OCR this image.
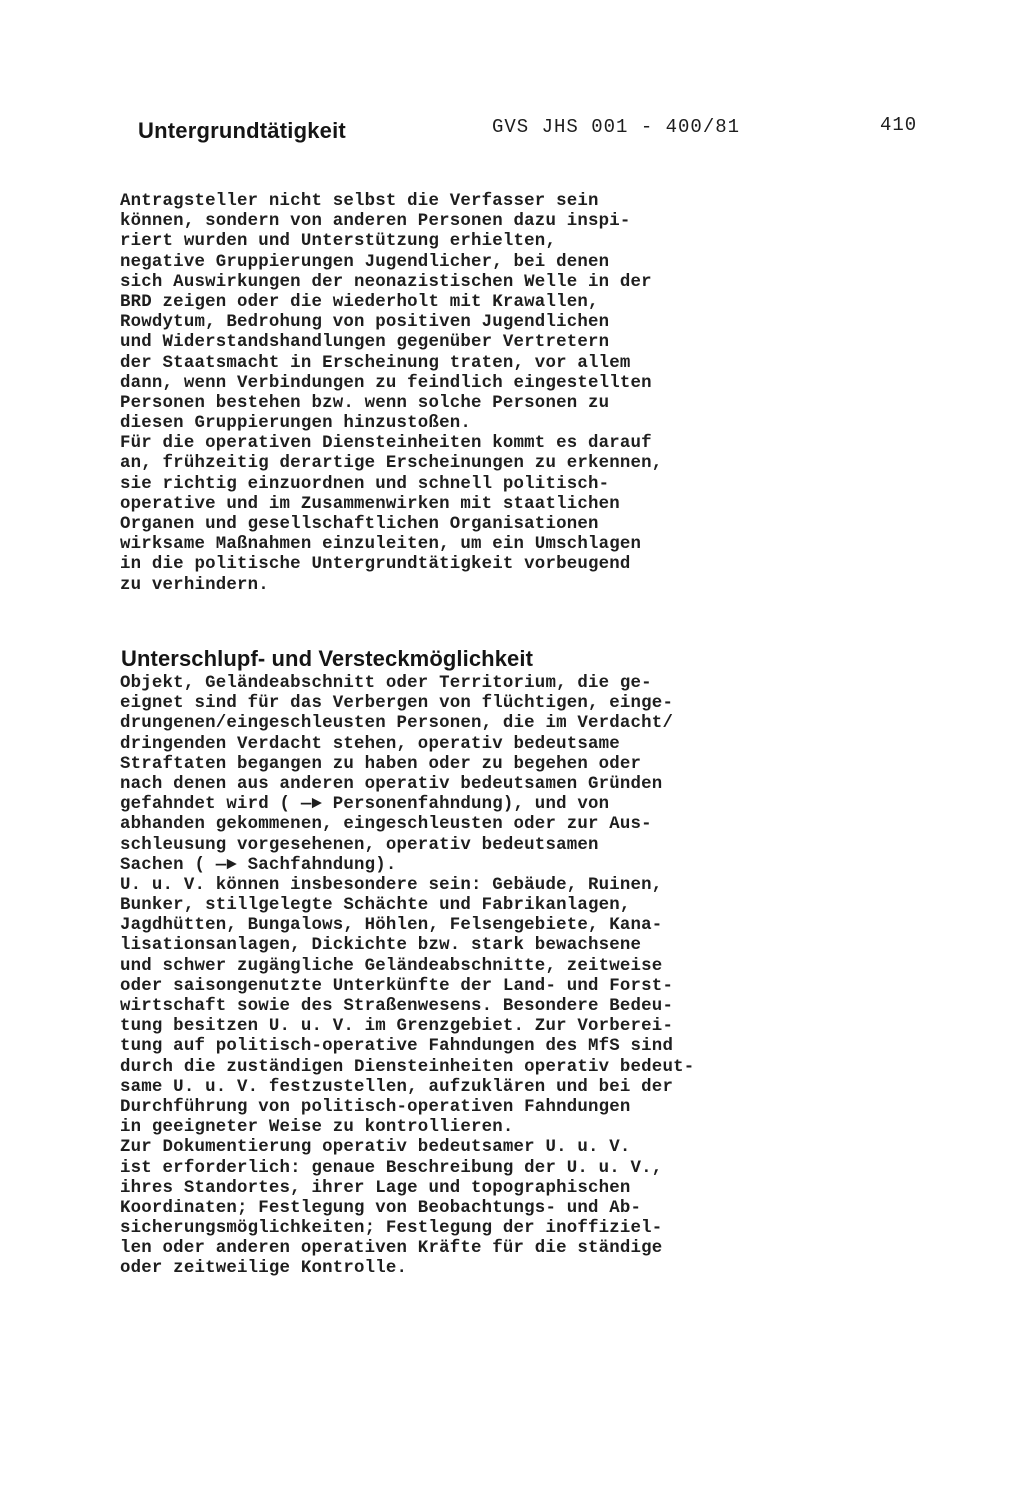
Untergrundtätigkeit	GVS JHS 001 - 400/81	410
Antragsteller nicht selbst die Verfasser sein
können, sondern von anderen Personen dazu inspi-
riert wurden und Unterstützung erhielten,
negative Gruppierungen Jugendlicher, bei denen
sich Auswirkungen der neonazistischen Welle in der
BRD zeigen oder die wiederholt mit Krawallen,
Rowdytum, Bedrohung von positiven Jugendlichen
und Widerstandshandlungen gegenüber Vertretern
der Staatsmacht in Erscheinung traten, vor allem
dann, wenn Verbindungen zu feindlich eingestellten
Personen bestehen bzw. wenn solche Personen zu
diesen Gruppierungen hinzustoßen.
Für die operativen Diensteinheiten kommt es darauf
an, frühzeitig derartige Erscheinungen zu erkennen,
sie richtig einzuordnen und schnell politisch-
operative und im Zusammenwirken mit staatlichen
Organen und gesellschaftlichen Organisationen
wirksame Maßnahmen einzuleiten, um ein Umschlagen
in die politische Untergrundtätigkeit vorbeugend
zu verhindern.
Unterschlupf- und Versteckmöglichkeit
Objekt, Geländeabschnitt oder Territorium, die ge-
eignet sind für das Verbergen von flüchtigen, einge-
drungenen/eingeschleusten Personen, die im Verdacht/
dringenden Verdacht stehen, operativ bedeutsame
Straftaten begangen zu haben oder zu begehen oder
nach denen aus anderen operativ bedeutsamen Gründen
gefahndet wird ( —► Personenfahndung), und von
abhanden gekommenen, eingeschleusten oder zur Aus-
schleusung vorgesehenen, operativ bedeutsamen
Sachen ( —► Sachfahndung).
U. u. V. können insbesondere sein: Gebäude, Ruinen,
Bunker, stillgelegte Schächte und Fabrikanlagen,
Jagdhütten, Bungalows, Höhlen, Felsengebiete, Kana-
lisationsanlagen, Dickichte bzw. stark bewachsene
und schwer zugängliche Geländeabschnitte, zeitweise
oder saisongenutzte Unterkünfte der Land- und Forst-
wirtschaft sowie des Straßenwesens. Besondere Bedeu-
tung besitzen U. u. V. im Grenzgebiet. Zur Vorberei-
tung auf politisch-operative Fahndungen des MfS sind
durch die zuständigen Diensteinheiten operativ bedeut-
same U. u. V. festzustellen, aufzuklären und bei der
Durchführung von politisch-operativen Fahndungen
in geeigneter Weise zu kontrollieren.
Zur Dokumentierung operativ bedeutsamer U. u. V.
ist erforderlich: genaue Beschreibung der U. u. V.,
ihres Standortes, ihrer Lage und topographischen
Koordinaten; Festlegung von Beobachtungs- und Ab-
sicherungsmöglichkeiten; Festlegung der inoffiziel-
len oder anderen operativen Kräfte für die ständige
oder zeitweilige Kontrolle.
